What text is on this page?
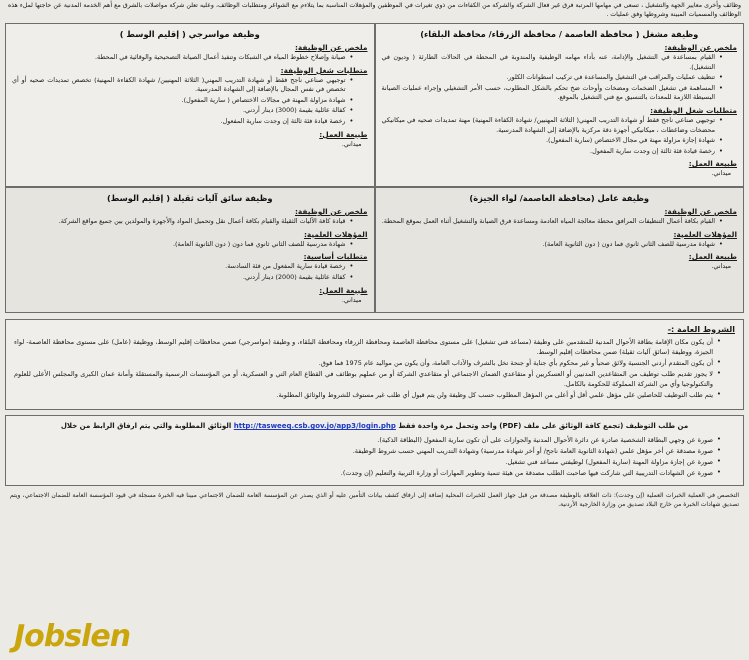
وظائف وأخرى معايير الجهة والتشغيل ، تسعى في مهامها المرتبة فرق غير فعال الشركة والشركة من الكفاءات من ذوي تغيرات في الموظفين والمؤهلات المناسبة بما يتلاءم مع الشواغر ومتطلبات الوظائف، وعليه تعلن شركة مواصلات بالشرق مع أهم الخدمة المدنية عن حاجتها لملء هذه الوظائف والمسميات المبينة وشروطها وفق عمليات .
وظيفة مشغل ( محافظة العاصمة / محافظة الزرقاء/ محافظة البلقاء)
ملخص عن الوظيفة:
• القيام بمساعدة في التشغيل والإدامة، عنه بأداء مهامه الوظيفية والمندوبة في المحطة في الحالات الطارئة ( وديون في التشغيل).
• تنظيف عمليات والمراقب في التشغيل والمساعدة في تركيب اسطوانات الكلور.
• المساهمة في تشغيل الضخمات ومضخات وأوحات ضخ تحكم بالشكل المطلوب، حسب الأمر التشغيلي وإجراء عمليات الصيانة البسيطة اللازمة للمعدات بالتنسيق مع فني التشغيل بالموقع.
متطلبات شغل الوظيفة:
• توجيهي صناعي ناجح فقط أو شهادة التدريب المهني( الثلاثة المهنيين/ شهادة الكفاءة المهنية) مهنة تمديدات صحيه في ميكانيكي محضخات وضاغطات ، ميكانيكي أجهزة دقة مركزية بالإضافة إلى الشهادة المدرسية.
• شهادة إجازة مزاولة مهنة في مجال الاختصاص (سارية المفعول).
• رخصة قيادة فئة ثالثة إن وجدت سارية المفعول.
طبيعة العمل:
ميداني.
وظيفة مواسرجي ( إقليم الوسط )
ملخص عن الوظيفة:
• صيانة وإصلاح خطوط المياه في الشبكات وتنفيذ أعمال الصيانة التصحيحية والوقائية في المحطة.
متطلبات شغل الوظيفة:
• توجيهي صناعي ناجح فقط أو شهادة التدريب المهني( الثلاثة المهنيين/ شهادة الكفاءة المهنية) تخصص تمديدات صحيه أو أي تخصص في نفس المجال بالإضافة إلى الشهادة المدرسية.
• شهادة مزاولة المهنة في مجالات الاختصاص ( سارية المفعول).
• كفالة عائلية بقيمة (3000) دينار أردني.
• رخصة قيادة فئة ثالثة إن وجدت سارية المفعول.
طبيعة العمل:
ميداني.
وظيفة عامل (محافظة العاصمة/ لواء الجيزة)
ملخص عن الوظيفة:
• القيام بكافة أعمال التنظيفات المرافق محطة معالجة المياه العادمة ومساعدة فرق الصيانة والتشغيل أثناء العمل بموقع المحطة.
المؤهلات العلمية:
• شهادة مدرسية للصف الثاني ثانوي فما دون ( دون الثانوية العامة).
طبيعة العمل:
ميداني.
وظيفة سائق آليات ثقيلة ( إقليم الوسط)
ملخص عن الوظيفة:
• قيادة كافة الآليات الثقيلة والقيام بكافة أعمال نقل وتحميل المواد والأجهزة والمولدين بين جميع مواقع الشركة.
المؤهلات العلمية:
• شهادة مدرسية للصف الثاني ثانوي فما دون ( دون الثانوية العامة).
متطلبات أساسية:
• رخصة قيادة سارية المفعول من فئة السادسة.
• كفالة عائلية بقيمة (2000) دينار أردني.
طبيعة العمل:
ميداني.
الشروط العامة :-
• أن يكون مكان الإقامة بطاقة الأحوال المدنية للمتقدمين على وظيفة (مساعد فني تشغيل) على مستوى محافظة العاصمة ومحافظة الزرقاء ومحافظة البلقاء، و وظيفة (مواسرجي) ضمن محافظات إقليم الوسط، ووظيفة (عامل) على مستوى محافظة العاصمة- لواء الجيزة، ووظيفة (سائق آليات ثقيلة) ضمن محافظات إقليم الوسط.
• أن يكون المتقدم أردني الجنسية ولائق صحياً و غير محكوم بأي جناية أو جنحة تخل بالشرف والآداب العامة، وأن يكون من مواليد عام 1975 فما فوق.
• لا يجوز تقديم طلب توظيف من المتقاعدين المدنيين أو العسكريين أو متقاعدي الضمان الاجتماعي أو متقاعدي الشركة أو من عملهم بوظائف في القطاع العام التي و العسكرية، أو من المؤسسات الرسمية والمستقلة وأمانة عمان الكبرى والمجلس الأعلى للعلوم والتكنولوجيا وأي من الشركة المملوكة للحكومة بالكامل.
• يتم طلب التوظيف للحاصلين على مؤهل علمي أقل أو أعلى من المؤهل المطلوب حسب كل وظيفة ولن يتم قبول أي طلب غير مستوف للشروط والوثائق المطلوبة.
من طلب التوظيف (تجمع كافة الوثائق على ملف (PDF) واحد وتحمل مرة واحدة فقط http://tasweeq.csb.gov.jo/app3/login.php الوثائق المطلوبة والتي يتم ارفاق الرابط من خلال
• صورة عن وجهي البطاقة الشخصية صادرة عن دائرة الأحوال المدنية والجوازات على أن تكون سارية المفعول (البطاقة الذكية).
• صورة مصدقة عن أخر مؤهل علمي (شهادة الثانوية العامة ناجح/ أو أخر شهادة مدرسية) وشهادة التدريب المهني حسب شروط الوظيفة.
• صورة عن إجازة مزاولة المهنة (سارية المفعول) لوظيفتي مساعد فني تشغيل.
• صورة عن الشهادات التدريبية التي شاركت فيها صاحبت الطلب مصدقة من هيئة تنمية وتطوير المهارات أو وزارة التربية والتعليم (إن وجدت).
التخصص في العملية الخبرات العملية (إن وجدت): ذات العلاقة بالوظيفة مصدقة من قبل جهاز العمل للخبرات المحلية إضافة إلى ارفاق كشف بيانات التأمين عليه أو الذي يصدر عن المؤسسة العامة للضمان الاجتماعي مبينا فيه الخبرة مسجلة في قيود المؤسسة العامة للضمان الاجتماعي، ويتم تصديق شهادات الخبرة من خارج البلاد تصديق من وزارة الخارجية الأردنية.
Jobslen
